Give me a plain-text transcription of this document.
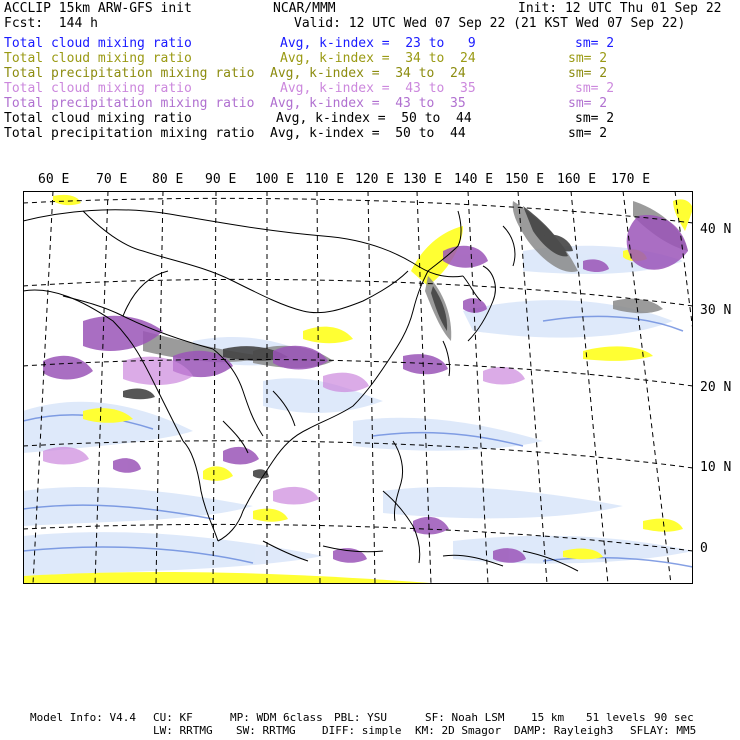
ACCLIP 15km ARW-GFS init	NCAR/MMM	Init: 12 UTC Thu 01 Sep 22
Fcst:  144 h	Valid: 12 UTC Wed 07 Sep 22 (21 KST Wed 07 Sep 22)
Total cloud mixing ratio	Avg, k-index =  23 to   9	sm= 2
Total cloud mixing ratio	Avg, k-index =  34 to  24	sm= 2
Total precipitation mixing ratio Avg, k-index =  34 to  24	sm= 2
Total cloud mixing ratio	Avg, k-index =  43 to  35	sm= 2
Total precipitation mixing ratio Avg, k-index =  43 to  35	sm= 2
Total cloud mixing ratio	Avg, k-index =  50 to  44	sm= 2
Total precipitation mixing ratio Avg, k-index =  50 to  44	sm= 2
60 E 70 E 80 E 90 E 100 E 110 E 120 E 130 E 140 E 150 E 160 E 170 E
40 N
30 N
20 N
10 N
0
Model Info: V4.4 CU: KF	MP: WDM 6class PBL: YSU	SF: Noah LSM 15 km 51 levels 90 sec
LW: RRTMG SW: RRTMG DIFF: simple KM: 2D Smagor DAMP: Rayleigh3 SFLAY: MM5
